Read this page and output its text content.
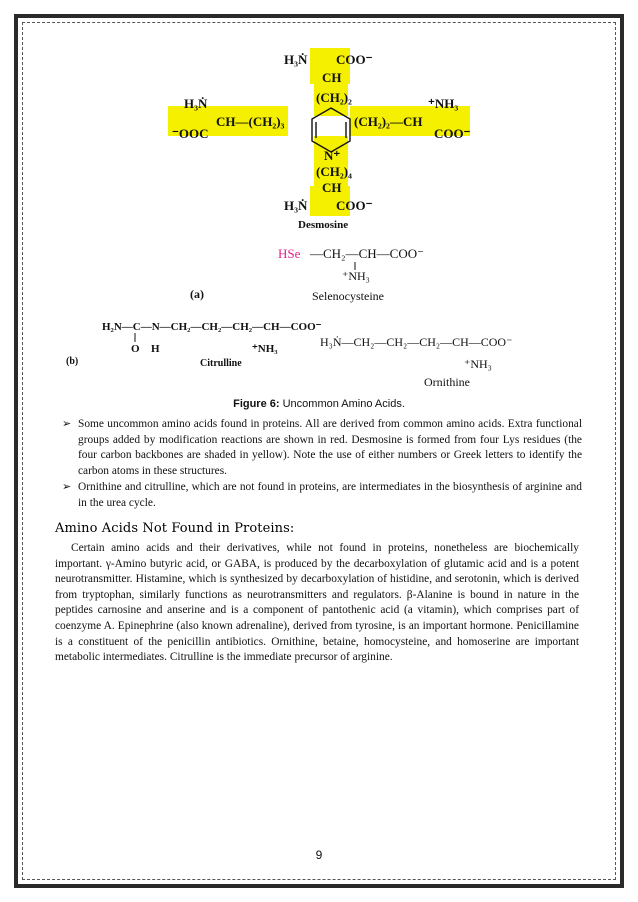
H₃Ṅ COO⁻
CH
(CH₂)₂
H₃Ṅ
CH—(CH₂)₃
⁻OOC
⁺NH₃
(CH₂)₂—CH
COO⁻
N⁺
(CH₂)₄
CH
H₃Ṅ COO⁻
Desmosine
HSe —CH₂—CH—COO⁻
⁺NH₃
Selenocysteine
(a)
H₂N—C—N—CH₂—CH₂—CH₂—CH—COO⁻
O H	⁺NH₃
Citrulline
(b)
H₃Ṅ—CH₂—CH₂—CH₂—CH—COO⁻
⁺NH₃
Ornithine
Figure 6: Uncommon Amino Acids.
➢ Some uncommon amino acids found in proteins. All are derived from common amino acids. Extra functional groups added by modification reactions are shown in red. Desmosine is formed from four Lys residues (the four carbon backbones are shaded in yellow). Note the use of either numbers or Greek letters to identify the carbon atoms in these structures.
➢ Ornithine and citrulline, which are not found in proteins, are intermediates in the biosynthesis of arginine and in the urea cycle.
Amino Acids Not Found in Proteins:

Certain amino acids and their derivatives, while not found in proteins, nonetheless are biochemically important. γ-Amino butyric acid, or GABA, is produced by the decarboxylation of glutamic acid and is a potent neurotransmitter. Histamine, which is synthesized by decarboxylation of histidine, and serotonin, which is derived from tryptophan, similarly functions as neurotransmitters and regulators. β-Alanine is bound in nature in the peptides carnosine and anserine and is a component of pantothenic acid (a vitamin), which comprises part of coenzyme A. Epinephrine (also known adrenaline), derived from tyrosine, is an important hormone. Penicillamine is a constituent of the penicillin antibiotics. Ornithine, betaine, homocysteine, and homoserine are important metabolic intermediates. Citrulline is the immediate precursor of arginine.

9
